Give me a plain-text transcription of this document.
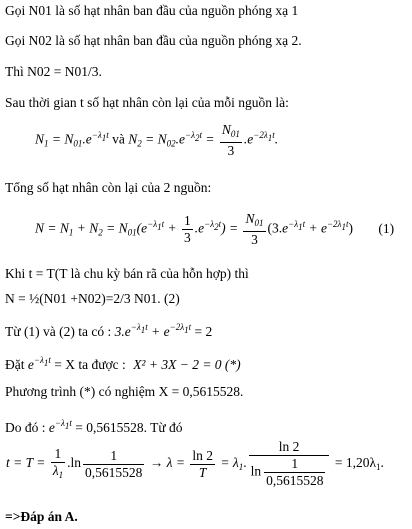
Gọi N01 là số hạt nhân ban đầu của nguồn phóng xạ 1
Gọi N02 là số hạt nhân ban đầu của nguồn phóng xạ 2.
Thì N02 = N01/3.
Sau thời gian t số hạt nhân còn lại của mỗi nguồn là:
$N_1 = N_{01}.e^{-\lambda_1t}$ và $N_2 = N_{02}.e^{-\lambda_2t} = \frac{N_{01}}{3} .e^{-2\lambda_1t}$.
Tổng số hạt nhân còn lại của 2 nguồn:
$N = N_1 + N_2 = N_{01}(e^{-\lambda_1t} + \frac{1}{3} .e^{-\lambda_2t}) = \frac{N_{01}}{3} (3.e^{-\lambda_1t} + e^{-2\lambda_1t})$ (1)
Khi t = T(T là chu kỳ bán rã của hỗn hợp) thì
N = ½(N01 +N02)=2/3 N01. (2)
Từ (1) và (2) ta có : $3.e^{-\lambda_1t} + e^{-2\lambda_1t} = 2$
Đặt $e^{-\lambda_1t} = X$ ta được : X² + 3X − 2 = 0 (*)
Phương trình (*) có nghiệm X = 0,5615528.
Do đó : $e^{-\lambda_1t} = 0,5615528$. Từ đó
$t = T = \frac{1}{\lambda_1} .\ln \frac{1}{0,5615528} \to \lambda = \frac{\ln 2}{T} = \lambda_1$. $\frac{\ln 2}{\ln \frac{1}{0,5615528}} = 1,20\lambda_1$.
=>Đáp án A.
